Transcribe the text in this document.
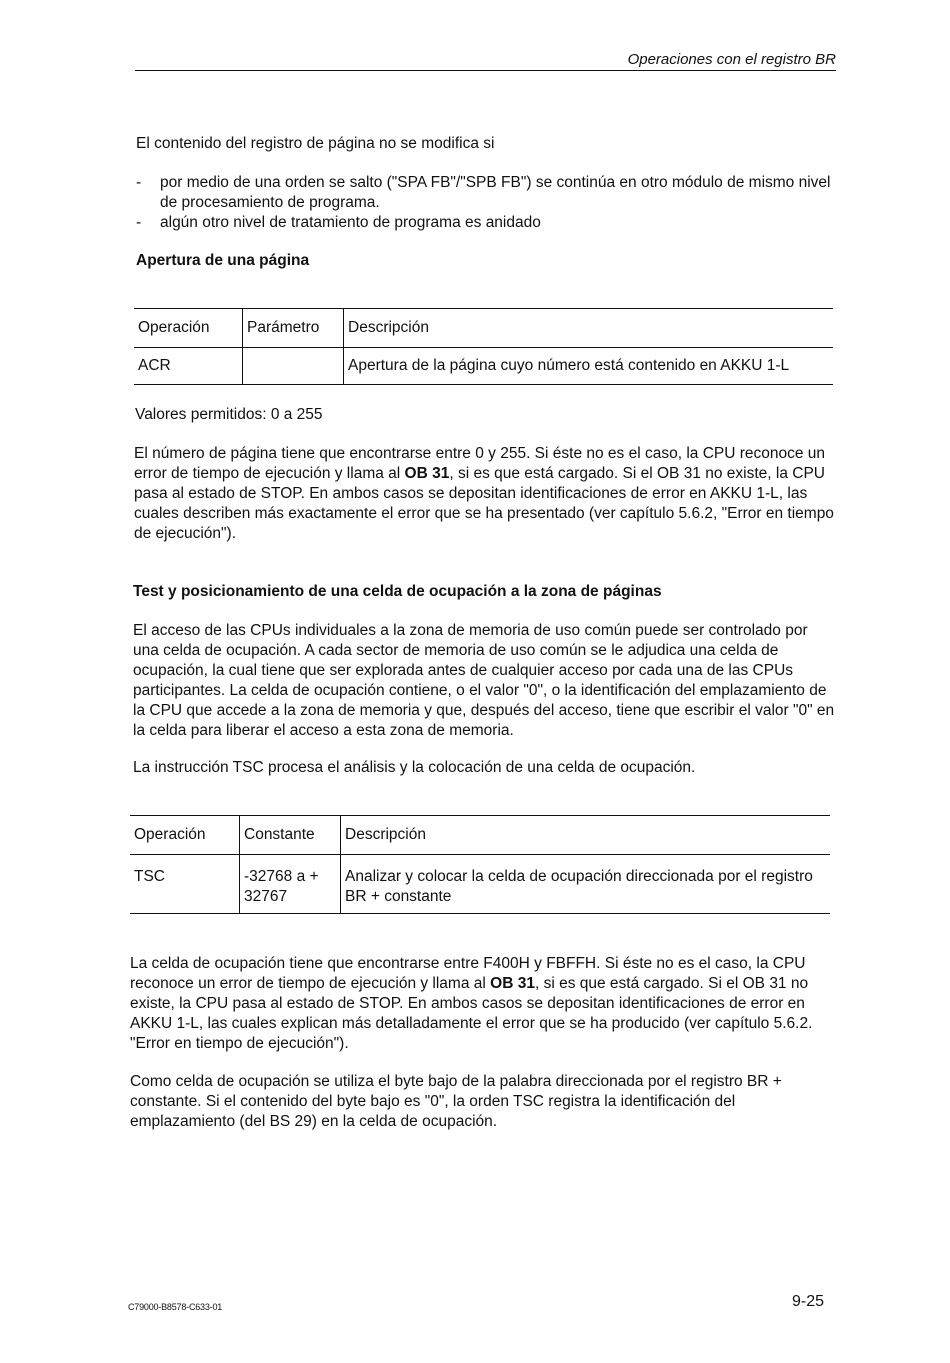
Operaciones con el registro BR

El contenido del registro de página no se modifica si

- por medio de una orden se salto ("SPA FB"/"SPB FB") se continúa en otro módulo de mismo nivel de procesamiento de programa.
- algún otro nivel de tratamiento de programa es anidado
Apertura de una página
Operación	Parámetro	Descripción
ACR		Apertura de la página cuyo número está contenido en AKKU 1-L

Valores permitidos: 0 a 255

El número de página tiene que encontrarse entre 0 y 255. Si éste no es el caso, la CPU reconoce un error de tiempo de ejecución y llama al OB 31, si es que está cargado. Si el OB 31 no existe, la CPU pasa al estado de STOP. En ambos casos se depositan identificaciones de error en AKKU 1-L, las cuales describen más exactamente el error que se ha presentado (ver capítulo 5.6.2, "Error en tiempo de ejecución").

Test y posicionamiento de una celda de ocupación a la zona de páginas

El acceso de las CPUs individuales a la zona de memoria de uso común puede ser controlado por una celda de ocupación. A cada sector de memoria de uso común se le adjudica una celda de ocupación, la cual tiene que ser explorada antes de cualquier acceso por cada una de las CPUs participantes. La celda de ocupación contiene, o el valor "0", o la identificación del emplazamiento de la CPU que accede a la zona de memoria y que, después del acceso, tiene que escribir el valor "0" en la celda para liberar el acceso a esta zona de memoria.

La instrucción TSC procesa el análisis y la colocación de una celda de ocupación.

Operación	Constante	Descripción
TSC	-32768 a + 32767	Analizar y colocar la celda de ocupación direccionada por el registro BR + constante

La celda de ocupación tiene que encontrarse entre F400H y FBFFH. Si éste no es el caso, la CPU reconoce un error de tiempo de ejecución y llama al OB 31, si es que está cargado. Si el OB 31 no existe, la CPU pasa al estado de STOP. En ambos casos se depositan identificaciones de error en AKKU 1-L, las cuales explican más detalladamente el error que se ha producido (ver capítulo 5.6.2. "Error en tiempo de ejecución").

Como celda de ocupación se utiliza el byte bajo de la palabra direccionada por el registro BR + constante. Si el contenido del byte bajo es "0", la orden TSC registra la identificación del emplazamiento (del BS 29) en la celda de ocupación.

C79000-B8578-C633-01	9-25
